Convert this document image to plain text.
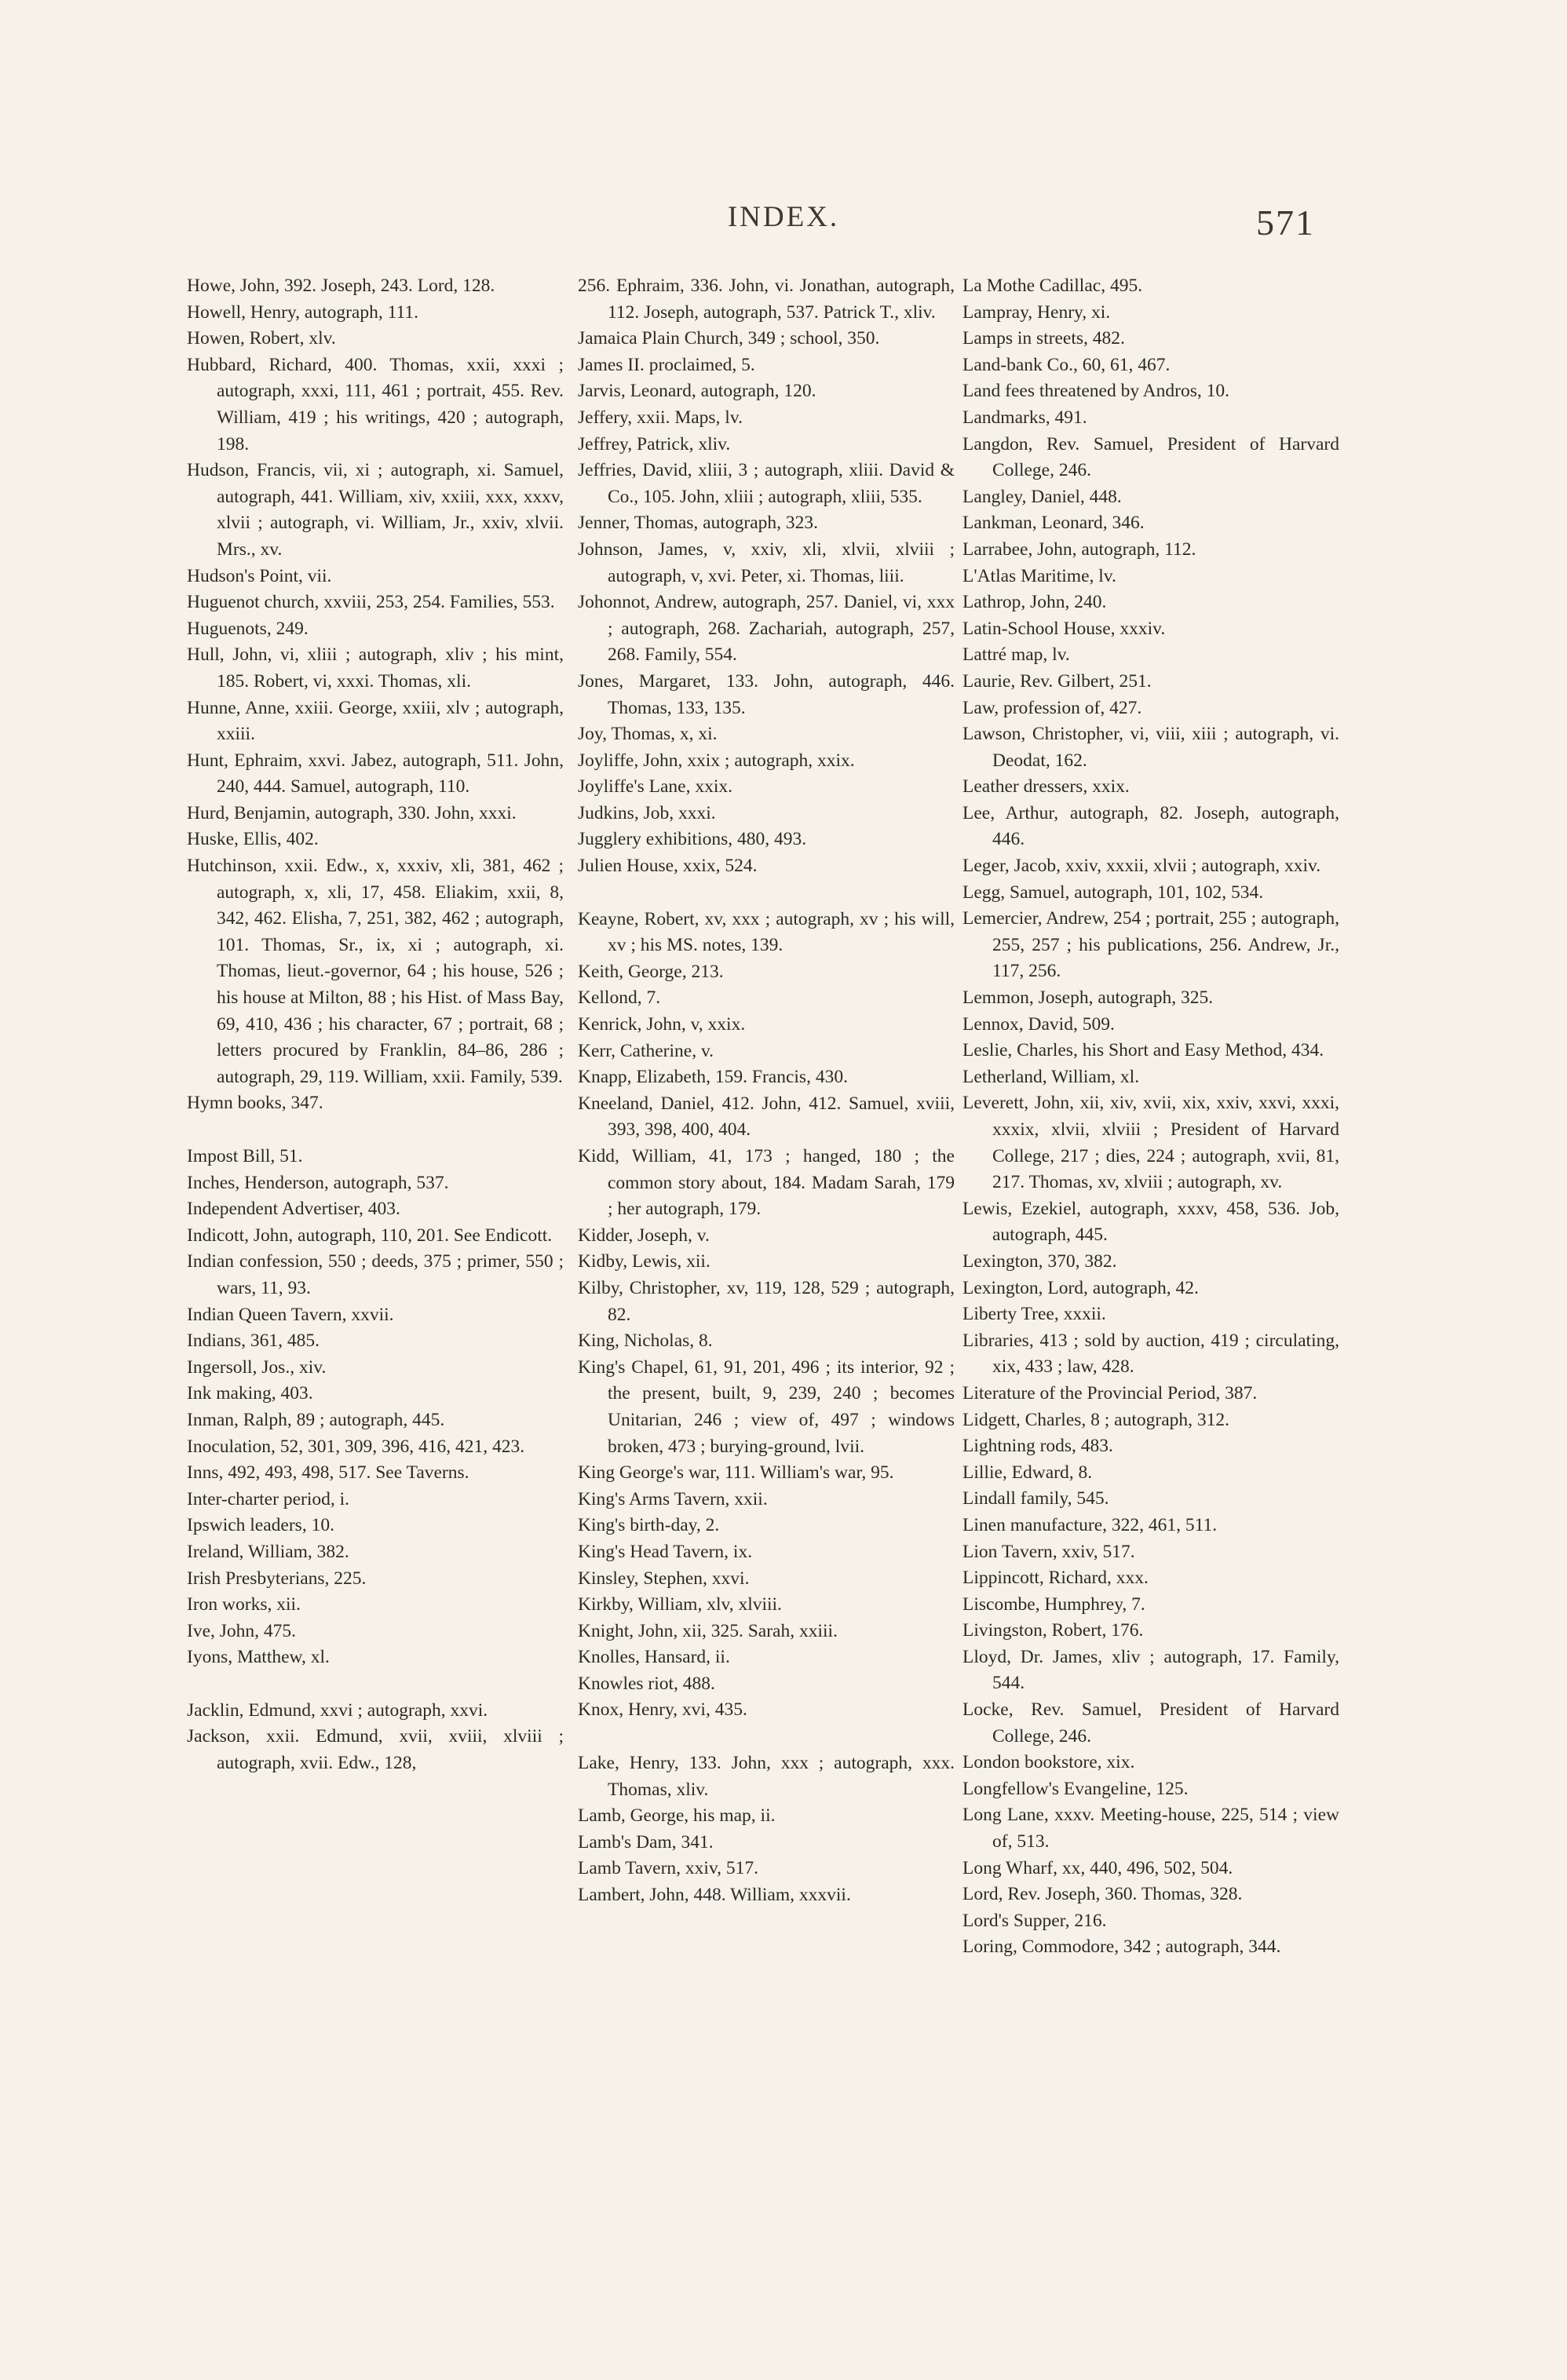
INDEX.	571
Howe, John, 392. Joseph, 243. Lord, 128.
Howell, Henry, autograph, 111.
Howen, Robert, xlv.
Hubbard, Richard, 400. Thomas, xxii, xxxi ; autograph, xxxi, 111, 461 ; portrait, 455. Rev. William, 419 ; his writings, 420 ; autograph, 198.
Hudson, Francis, vii, xi ; autograph, xi. Samuel, autograph, 441. William, xiv, xxiii, xxx, xxxv, xlvii ; autograph, vi. William, Jr., xxiv, xlvii. Mrs., xv.
Hudson's Point, vii.
Huguenot church, xxviii, 253, 254. Families, 553.
Huguenots, 249.
Hull, John, vi, xliii ; autograph, xliv ; his mint, 185. Robert, vi, xxxi. Thomas, xli.
Hunne, Anne, xxiii. George, xxiii, xlv ; autograph, xxiii.
Hunt, Ephraim, xxvi. Jabez, autograph, 511. John, 240, 444. Samuel, autograph, 110.
Hurd, Benjamin, autograph, 330. John, xxxi.
Huske, Ellis, 402.
Hutchinson, xxii. Edw., x, xxxiv, xli, 381, 462 ; autograph, x, xli, 17, 458. Eliakim, xxii, 8, 342, 462. Elisha, 7, 251, 382, 462 ; autograph, 101. Thomas, Sr., ix, xi ; autograph, xi. Thomas, lieut.-governor, 64 ; his house, 526 ; his house at Milton, 88 ; his Hist. of Mass Bay, 69, 410, 436 ; his character, 67 ; portrait, 68 ; letters procured by Franklin, 84–86, 286 ; autograph, 29, 119. William, xxii. Family, 539.
Hymn books, 347.
Impost Bill, 51.
Inches, Henderson, autograph, 537.
Independent Advertiser, 403.
Indicott, John, autograph, 110, 201. See Endicott.
Indian confession, 550 ; deeds, 375 ; primer, 550 ; wars, 11, 93.
Indian Queen Tavern, xxvii.
Indians, 361, 485.
Ingersoll, Jos., xiv.
Ink making, 403.
Inman, Ralph, 89 ; autograph, 445.
Inoculation, 52, 301, 309, 396, 416, 421, 423.
Inns, 492, 493, 498, 517. See Taverns.
Inter-charter period, i.
Ipswich leaders, 10.
Ireland, William, 382.
Irish Presbyterians, 225.
Iron works, xii.
Ive, John, 475.
Iyons, Matthew, xl.
Jacklin, Edmund, xxvi ; autograph, xxvi.
Jackson, xxii. Edmund, xvii, xviii, xlviii ; autograph, xvii. Edw., 128,
256. Ephraim, 336. John, vi. Jonathan, autograph, 112. Joseph, autograph, 537. Patrick T., xliv.
Jamaica Plain Church, 349 ; school, 350.
James II. proclaimed, 5.
Jarvis, Leonard, autograph, 120.
Jeffery, xxii. Maps, lv.
Jeffrey, Patrick, xliv.
Jeffries, David, xliii, 3 ; autograph, xliii. David & Co., 105. John, xliii ; autograph, xliii, 535.
Jenner, Thomas, autograph, 323.
Johnson, James, v, xxiv, xli, xlvii, xlviii ; autograph, v, xvi. Peter, xi. Thomas, liii.
Johonnot, Andrew, autograph, 257. Daniel, vi, xxx ; autograph, 268. Zachariah, autograph, 257, 268. Family, 554.
Jones, Margaret, 133. John, autograph, 446. Thomas, 133, 135.
Joy, Thomas, x, xi.
Joyliffe, John, xxix ; autograph, xxix.
Joyliffe's Lane, xxix.
Judkins, Job, xxxi.
Jugglery exhibitions, 480, 493.
Julien House, xxix, 524.
Keayne, Robert, xv, xxx ; autograph, xv ; his will, xv ; his MS. notes, 139.
Keith, George, 213.
Kellond, 7.
Kenrick, John, v, xxix.
Kerr, Catherine, v.
Knapp, Elizabeth, 159. Francis, 430.
Kneeland, Daniel, 412. John, 412. Samuel, xviii, 393, 398, 400, 404.
Kidd, William, 41, 173 ; hanged, 180 ; the common story about, 184. Madam Sarah, 179 ; her autograph, 179.
Kidder, Joseph, v.
Kidby, Lewis, xii.
Kilby, Christopher, xv, 119, 128, 529 ; autograph, 82.
King, Nicholas, 8.
King's Chapel, 61, 91, 201, 496 ; its interior, 92 ; the present, built, 9, 239, 240 ; becomes Unitarian, 246 ; view of, 497 ; windows broken, 473 ; burying-ground, lvii.
King George's war, 111. William's war, 95.
King's Arms Tavern, xxii.
King's birth-day, 2.
King's Head Tavern, ix.
Kinsley, Stephen, xxvi.
Kirkby, William, xlv, xlviii.
Knight, John, xii, 325. Sarah, xxiii.
Knolles, Hansard, ii.
Knowles riot, 488.
Knox, Henry, xvi, 435.
Lake, Henry, 133. John, xxx ; autograph, xxx. Thomas, xliv.
Lamb, George, his map, ii.
Lamb's Dam, 341.
Lamb Tavern, xxiv, 517.
Lambert, John, 448. William, xxxvii.
La Mothe Cadillac, 495.
Lampray, Henry, xi.
Lamps in streets, 482.
Land-bank Co., 60, 61, 467.
Land fees threatened by Andros, 10.
Landmarks, 491.
Langdon, Rev. Samuel, President of Harvard College, 246.
Langley, Daniel, 448.
Lankman, Leonard, 346.
Larrabee, John, autograph, 112.
L'Atlas Maritime, lv.
Lathrop, John, 240.
Latin-School House, xxxiv.
Lattré map, lv.
Laurie, Rev. Gilbert, 251.
Law, profession of, 427.
Lawson, Christopher, vi, viii, xiii ; autograph, vi. Deodat, 162.
Leather dressers, xxix.
Lee, Arthur, autograph, 82. Joseph, autograph, 446.
Leger, Jacob, xxiv, xxxii, xlvii ; autograph, xxiv.
Legg, Samuel, autograph, 101, 102, 534.
Lemercier, Andrew, 254 ; portrait, 255 ; autograph, 255, 257 ; his publications, 256. Andrew, Jr., 117, 256.
Lemmon, Joseph, autograph, 325.
Lennox, David, 509.
Leslie, Charles, his Short and Easy Method, 434.
Letherland, William, xl.
Leverett, John, xii, xiv, xvii, xix, xxiv, xxvi, xxxi, xxxix, xlvii, xlviii ; President of Harvard College, 217 ; dies, 224 ; autograph, xvii, 81, 217. Thomas, xv, xlviii ; autograph, xv.
Lewis, Ezekiel, autograph, xxxv, 458, 536. Job, autograph, 445.
Lexington, 370, 382.
Lexington, Lord, autograph, 42.
Liberty Tree, xxxii.
Libraries, 413 ; sold by auction, 419 ; circulating, xix, 433 ; law, 428.
Literature of the Provincial Period, 387.
Lidgett, Charles, 8 ; autograph, 312.
Lightning rods, 483.
Lillie, Edward, 8.
Lindall family, 545.
Linen manufacture, 322, 461, 511.
Lion Tavern, xxiv, 517.
Lippincott, Richard, xxx.
Liscombe, Humphrey, 7.
Livingston, Robert, 176.
Lloyd, Dr. James, xliv ; autograph, 17. Family, 544.
Locke, Rev. Samuel, President of Harvard College, 246.
London bookstore, xix.
Longfellow's Evangeline, 125.
Long Lane, xxxv. Meeting-house, 225, 514 ; view of, 513.
Long Wharf, xx, 440, 496, 502, 504.
Lord, Rev. Joseph, 360. Thomas, 328.
Lord's Supper, 216.
Loring, Commodore, 342 ; autograph, 344.
